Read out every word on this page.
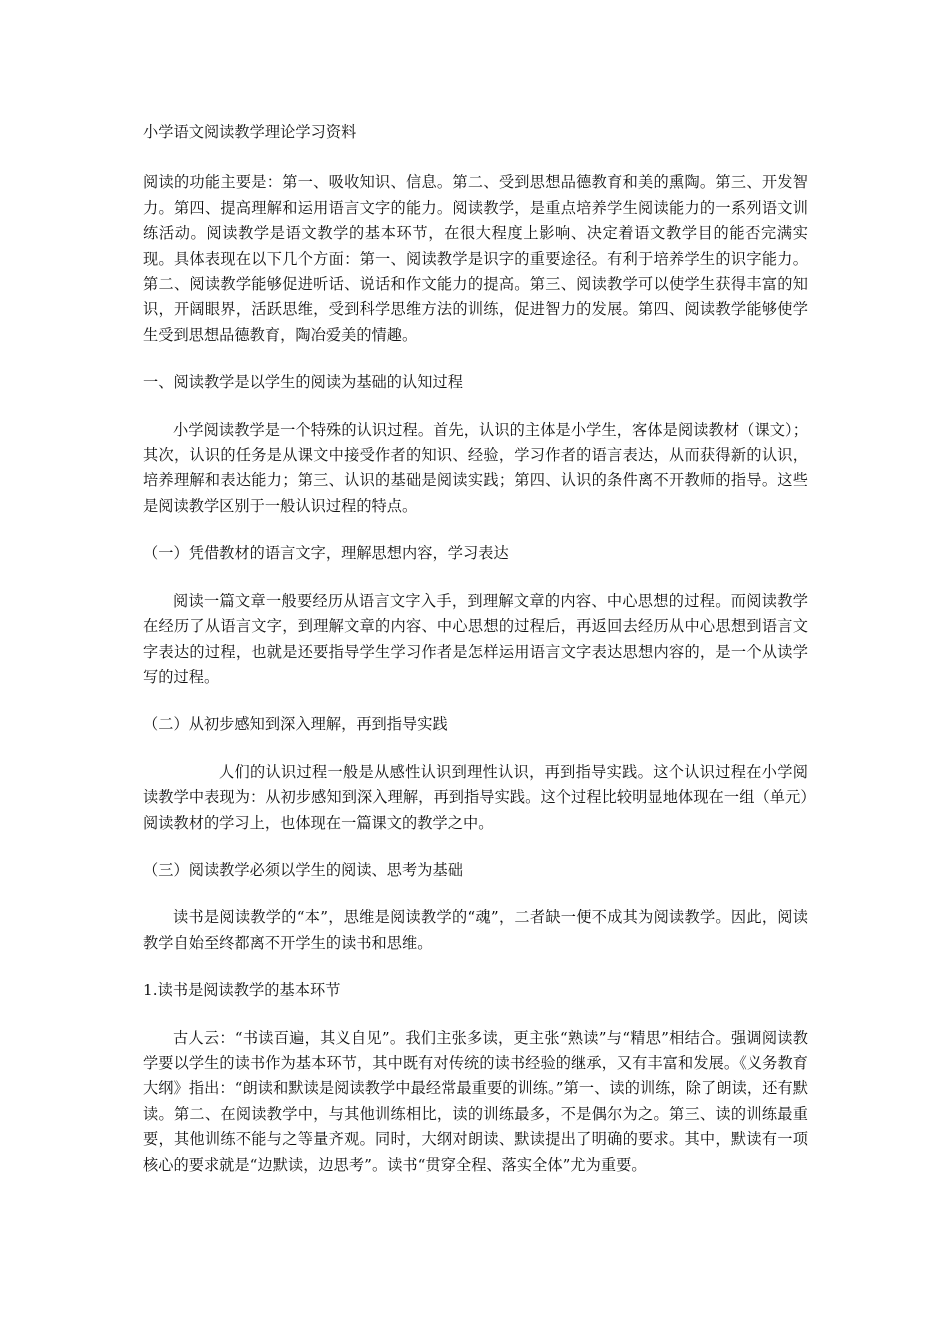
小学语文阅读教学理论学习资料

阅读的功能主要是：第一、吸收知识、信息。第二、受到思想品德教育和美的熏陶。第三、开发智力。第四、提高理解和运用语言文字的能力。阅读教学，是重点培养学生阅读能力的一系列语文训练活动。阅读教学是语文教学的基本环节，在很大程度上影响、决定着语文教学目的能否完满实现。具体表现在以下几个方面：第一、阅读教学是识字的重要途径。有利于培养学生的识字能力。第二、阅读教学能够促进听话、说话和作文能力的提高。第三、阅读教学可以使学生获得丰富的知识，开阔眼界，活跃思维，受到科学思维方法的训练，促进智力的发展。第四、阅读教学能够使学生受到思想品德教育，陶冶爱美的情趣。

一、阅读教学是以学生的阅读为基础的认知过程

小学阅读教学是一个特殊的认识过程。首先，认识的主体是小学生，客体是阅读教材（课文）；其次，认识的任务是从课文中接受作者的知识、经验，学习作者的语言表达，从而获得新的认识，培养理解和表达能力；第三、认识的基础是阅读实践；第四、认识的条件离不开教师的指导。这些是阅读教学区别于一般认识过程的特点。

（一）凭借教材的语言文字，理解思想内容，学习表达

阅读一篇文章一般要经历从语言文字入手，到理解文章的内容、中心思想的过程。而阅读教学在经历了从语言文字，到理解文章的内容、中心思想的过程后，再返回去经历从中心思想到语言文字表达的过程，也就是还要指导学生学习作者是怎样运用语言文字表达思想内容的，是一个从读学写的过程。

（二）从初步感知到深入理解，再到指导实践

人们的认识过程一般是从感性认识到理性认识，再到指导实践。这个认识过程在小学阅读教学中表现为：从初步感知到深入理解，再到指导实践。这个过程比较明显地体现在一组（单元）阅读教材的学习上，也体现在一篇课文的教学之中。

（三）阅读教学必须以学生的阅读、思考为基础

读书是阅读教学的“本”，思维是阅读教学的“魂”，二者缺一便不成其为阅读教学。因此，阅读教学自始至终都离不开学生的读书和思维。

1.读书是阅读教学的基本环节

古人云：“书读百遍，其义自见”。我们主张多读，更主张“熟读”与“精思”相结合。强调阅读教学要以学生的读书作为基本环节，其中既有对传统的读书经验的继承，又有丰富和发展。《义务教育大纲》指出：“朗读和默读是阅读教学中最经常最重要的训练。”第一、读的训练，除了朗读，还有默读。第二、在阅读教学中，与其他训练相比，读的训练最多，不是偶尔为之。第三、读的训练最重要，其他训练不能与之等量齐观。同时，大纲对朗读、默读提出了明确的要求。其中，默读有一项核心的要求就是“边默读，边思考”。读书“贯穿全程、落实全体”尤为重要。
